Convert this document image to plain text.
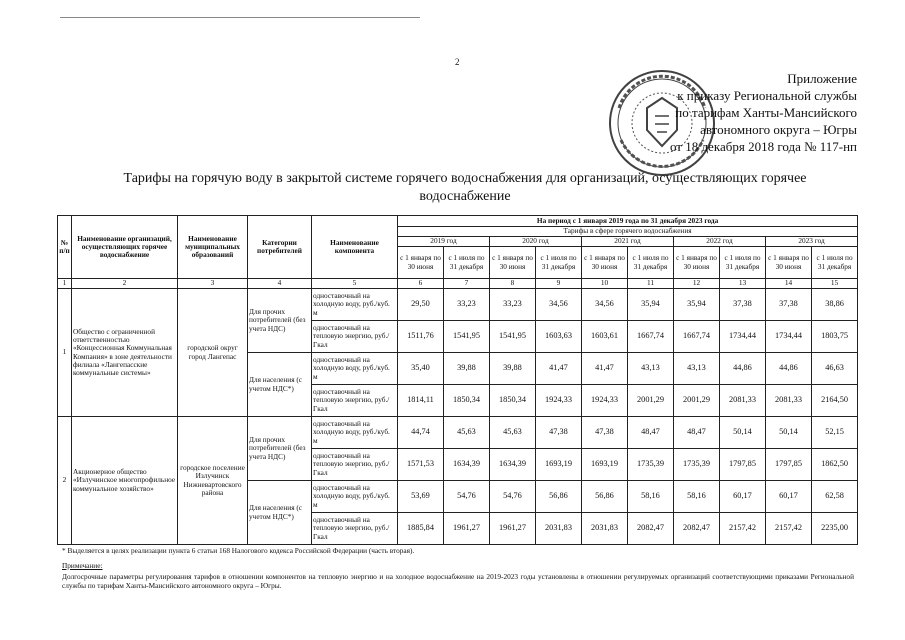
2
Приложение
к приказу Региональной службы
по тарифам Ханты-Мансийского
автономного округа – Югры
от 18 декабря 2018 года № 117-нп
Тарифы на горячую воду в закрытой системе горячего водоснабжения для организаций, осуществляющих горячее
водоснабжение
№ п/п	Наименование организаций, осуществляющих горячее водоснабжение	Наименование муниципальных образований	Категории потребителей	Наименование компонента	На период с 1 января 2019 года по 31 декабря 2023 года									
					Тарифы в сфере горячего водоснабжения									
					2019 год		2020 год		2021 год		2022 год		2023 год	
					с 1 января по 30 июня	с 1 июля по 31 декабря	с 1 января по 30 июня	с 1 июля по 31 декабря	с 1 января по 30 июня	с 1 июля по 31 декабря	с 1 января по 30 июня	с 1 июля по 31 декабря	с 1 января по 30 июня	с 1 июля по 31 декабря
1	2	3	4	5	6	7	8	9	10	11	12	13	14	15
1	Общество с ограниченной ответственностью «Концессионная Коммунальная Компания» в зоне деятельности филиала «Лангепасские коммунальные системы»	городской округ город Лангепас	Для прочих потребителей (без учета НДС)	одноставочный на холодную воду, руб./куб. м	29,50	33,23	33,23	34,56	34,56	35,94	35,94	37,38	37,38	38,86
				одноставочный на тепловую энергию, руб./ Гкал	1511,76	1541,95	1541,95	1603,63	1603,61	1667,74	1667,74	1734,44	1734,44	1803,75
			Для населения (с учетом НДС*)	одноставочный на холодную воду, руб./куб. м	35,40	39,88	39,88	41,47	41,47	43,13	43,13	44,86	44,86	46,63
				одноставочный на тепловую энергию, руб./ Гкал	1814,11	1850,34	1850,34	1924,33	1924,33	2001,29	2001,29	2081,33	2081,33	2164,50
2	Акционерное общество «Излучинское многопрофильное коммунальное хозяйство»	городское поселение Излучинск Нижневартовского района	Для прочих потребителей (без учета НДС)	одноставочный на холодную воду, руб./куб. м	44,74	45,63	45,63	47,38	47,38	48,47	48,47	50,14	50,14	52,15
				одноставочный на тепловую энергию, руб./ Гкал	1571,53	1634,39	1634,39	1693,19	1693,19	1735,39	1735,39	1797,85	1797,85	1862,50
			Для населения (с учетом НДС*)	одноставочный на холодную воду, руб./куб. м	53,69	54,76	54,76	56,86	56,86	58,16	58,16	60,17	60,17	62,58
				одноставочный на тепловую энергию, руб./ Гкал	1885,84	1961,27	1961,27	2031,83	2031,83	2082,47	2082,47	2157,42	2157,42	2235,00
* Выделяется в целях реализации пункта 6 статьи 168 Налогового кодекса Российской Федерации (часть вторая).
Примечание:
Долгосрочные параметры регулирования тарифов в отношении компонентов на тепловую энергию и на холодное водоснабжение на 2019-2023 годы установлены в отношении регулируемых организаций соответствующими приказами Региональной службы по тарифам Ханты-Мансийского автономного округа – Югры.
